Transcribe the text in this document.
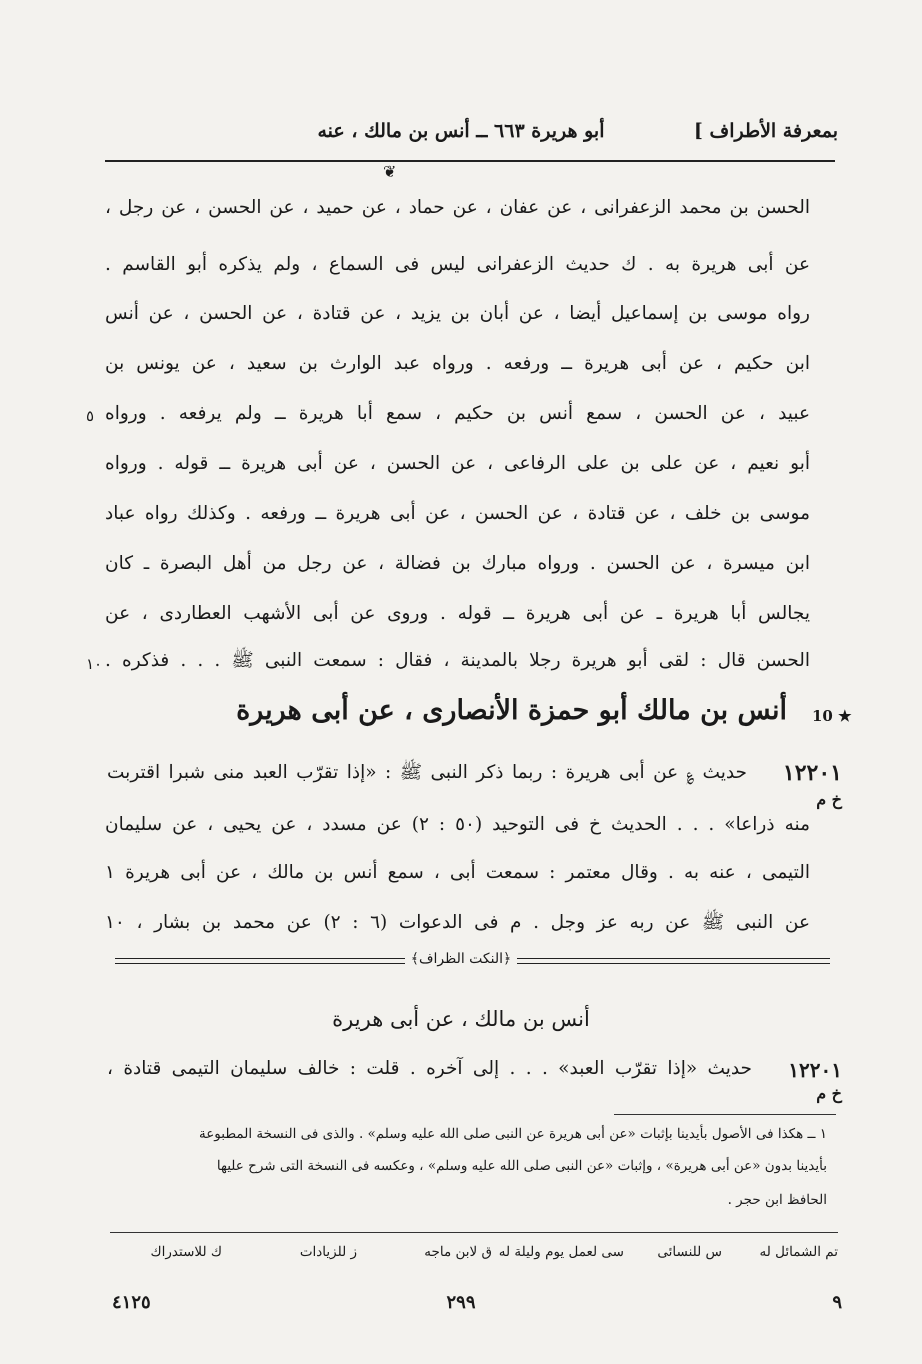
بمعرفة الأطراف ]
أبو هريرة ٦٦٣ ــ أنس بن مالك ، عنه
❦
الحسن بن محمد الزعفرانى ، عن عفان ، عن حماد ، عن حميد ، عن الحسن ، عن رجل ،
عن أبى هريرة به . ك حديث الزعفرانى ليس فى السماع ، ولم يذكره أبو القاسم .
رواه موسى بن إسماعيل أيضا ، عن أبان بن يزيد ، عن قتادة ، عن الحسن ، عن أنس
ابن حكيم ، عن أبى هريرة ــ ورفعه . ورواه عبد الوارث بن سعيد ، عن يونس بن
عبيد ، عن الحسن ، سمع أنس بن حكيم ، سمع أبا هريرة ــ ولم يرفعه . ورواه
أبو نعيم ، عن على بن على الرفاعى ، عن الحسن ، عن أبى هريرة ــ قوله . ورواه
موسى بن خلف ، عن قتادة ، عن الحسن ، عن أبى هريرة ــ ورفعه . وكذلك رواه عباد
ابن ميسرة ، عن الحسن . ورواه مبارك بن فضالة ، عن رجل من أهل البصرة ـ كان
يجالس أبا هريرة ـ عن أبى هريرة ــ قوله . وروى عن أبى الأشهب العطاردى ، عن
الحسن قال : لقى أبو هريرة رجلا بالمدينة ، فقال : سمعت النبى ﷺ . . . فذكره .
٥
١٠
10 ★
أنس بن مالك أبو حمزة الأنصارى ، عن أبى هريرة
١٢٢٠١
حديث ؏ عن أبى هريرة : ربما ذكر النبى ﷺ : «إذا تقرّب العبد منى شبرا اقتربت
خ م
منه ذراعا» . . . الحديث خ فى التوحيد (٥٠ : ٢) عن مسدد ، عن يحيى ، عن سليمان
التيمى ، عنه به . وقال معتمر : سمعت أبى ، سمع أنس بن مالك ، عن أبى هريرة ١
عن النبى ﷺ عن ربه عز وجل . م فى الدعوات (٦ : ٢) عن محمد بن بشار ، ١٠
﴿النكت الظراف﴾
أنس بن مالك ، عن أبى هريرة
١٢٢٠١
حديث «إذا تقرّب العبد» . . . إلى آخره . قلت : خالف سليمان التيمى قتادة ،
خ م
١ ــ هكذا فى الأصول بأيدينا بإثبات «عن أبى هريرة عن النبى صلى الله عليه وسلم» . والذى فى النسخة المطبوعة
بأيدينا بدون «عن أبى هريرة» ، وإثبات «عن النبى صلى الله عليه وسلم» ، وعكسه فى النسخة التى شرح عليها
الحافظ ابن حجر .
تم الشمائل له
س للنسائى
سى لعمل يوم وليلة له
ق لابن ماجه
ز للزيادات
ك للاستدراك
٩
٢٩٩
٤١٢٥
